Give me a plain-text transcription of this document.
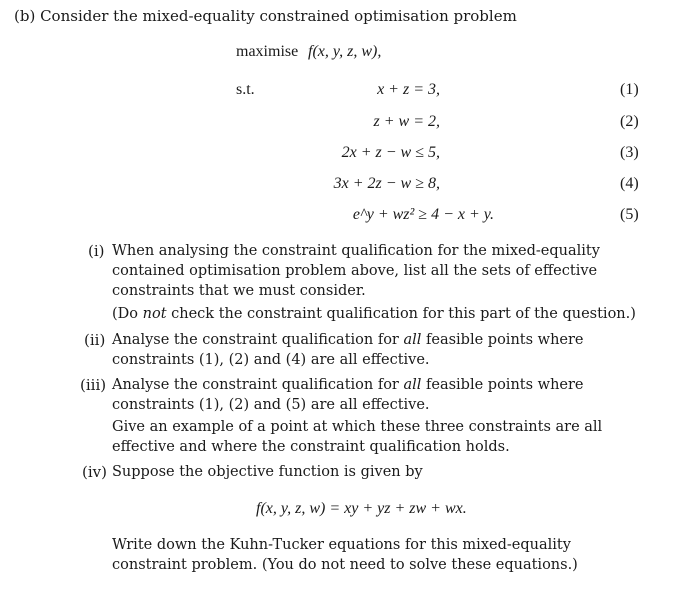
(b) Consider the mixed-equality constrained optimisation problem
maximise f(x, y, z, w),
s.t.	x + z = 3,	(1)
z + w = 2,	(2)
2x + z − w ≤ 5,	(3)
3x + 2z − w ≥ 8,	(4)
e^y + wz² ≥ 4 − x + y.	(5)
(i) When analysing the constraint qualification for the mixed-equality contained optimisation problem above, list all the sets of effective constraints that we must consider.
(Do not check the constraint qualification for this part of the question.)
(ii) Analyse the constraint qualification for all feasible points where constraints (1), (2) and (4) are all effective.
(iii) Analyse the constraint qualification for all feasible points where constraints (1), (2) and (5) are all effective.
Give an example of a point at which these three constraints are all effective and where the constraint qualification holds.
(iv) Suppose the objective function is given by
f(x, y, z, w) = xy + yz + zw + wx.
Write down the Kuhn-Tucker equations for this mixed-equality constraint problem. (You do not need to solve these equations.)
